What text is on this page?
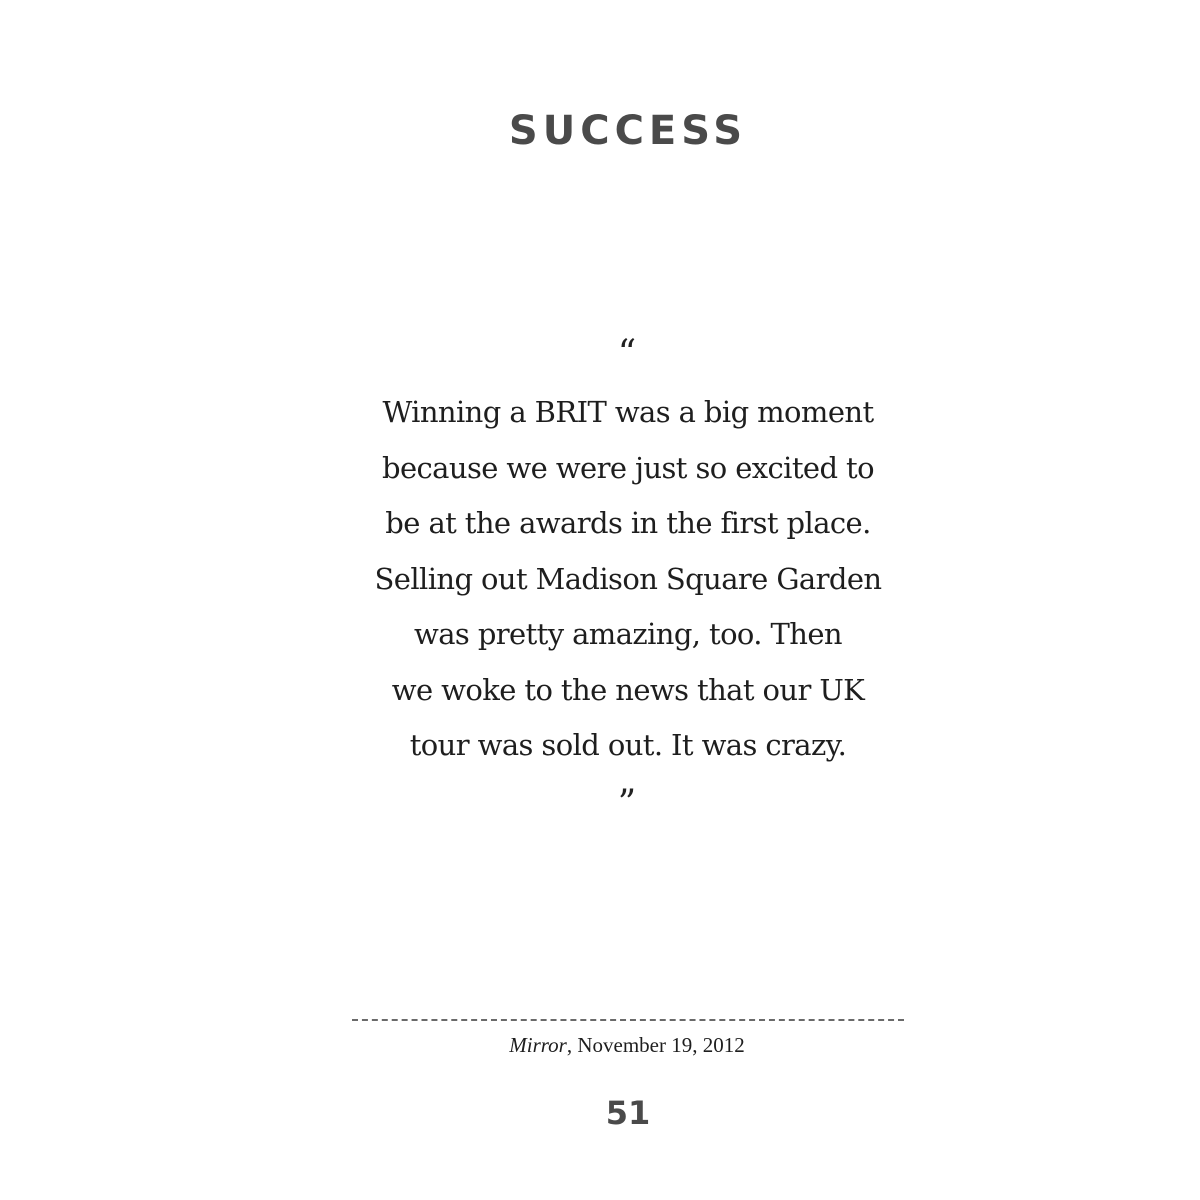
SUCCESS
“
Winning a BRIT was a big moment
because we were just so excited to
be at the awards in the first place.
Selling out Madison Square Garden
was pretty amazing, too. Then
we woke to the news that our UK
tour was sold out. It was crazy.
”
Mirror, November 19, 2012
51
